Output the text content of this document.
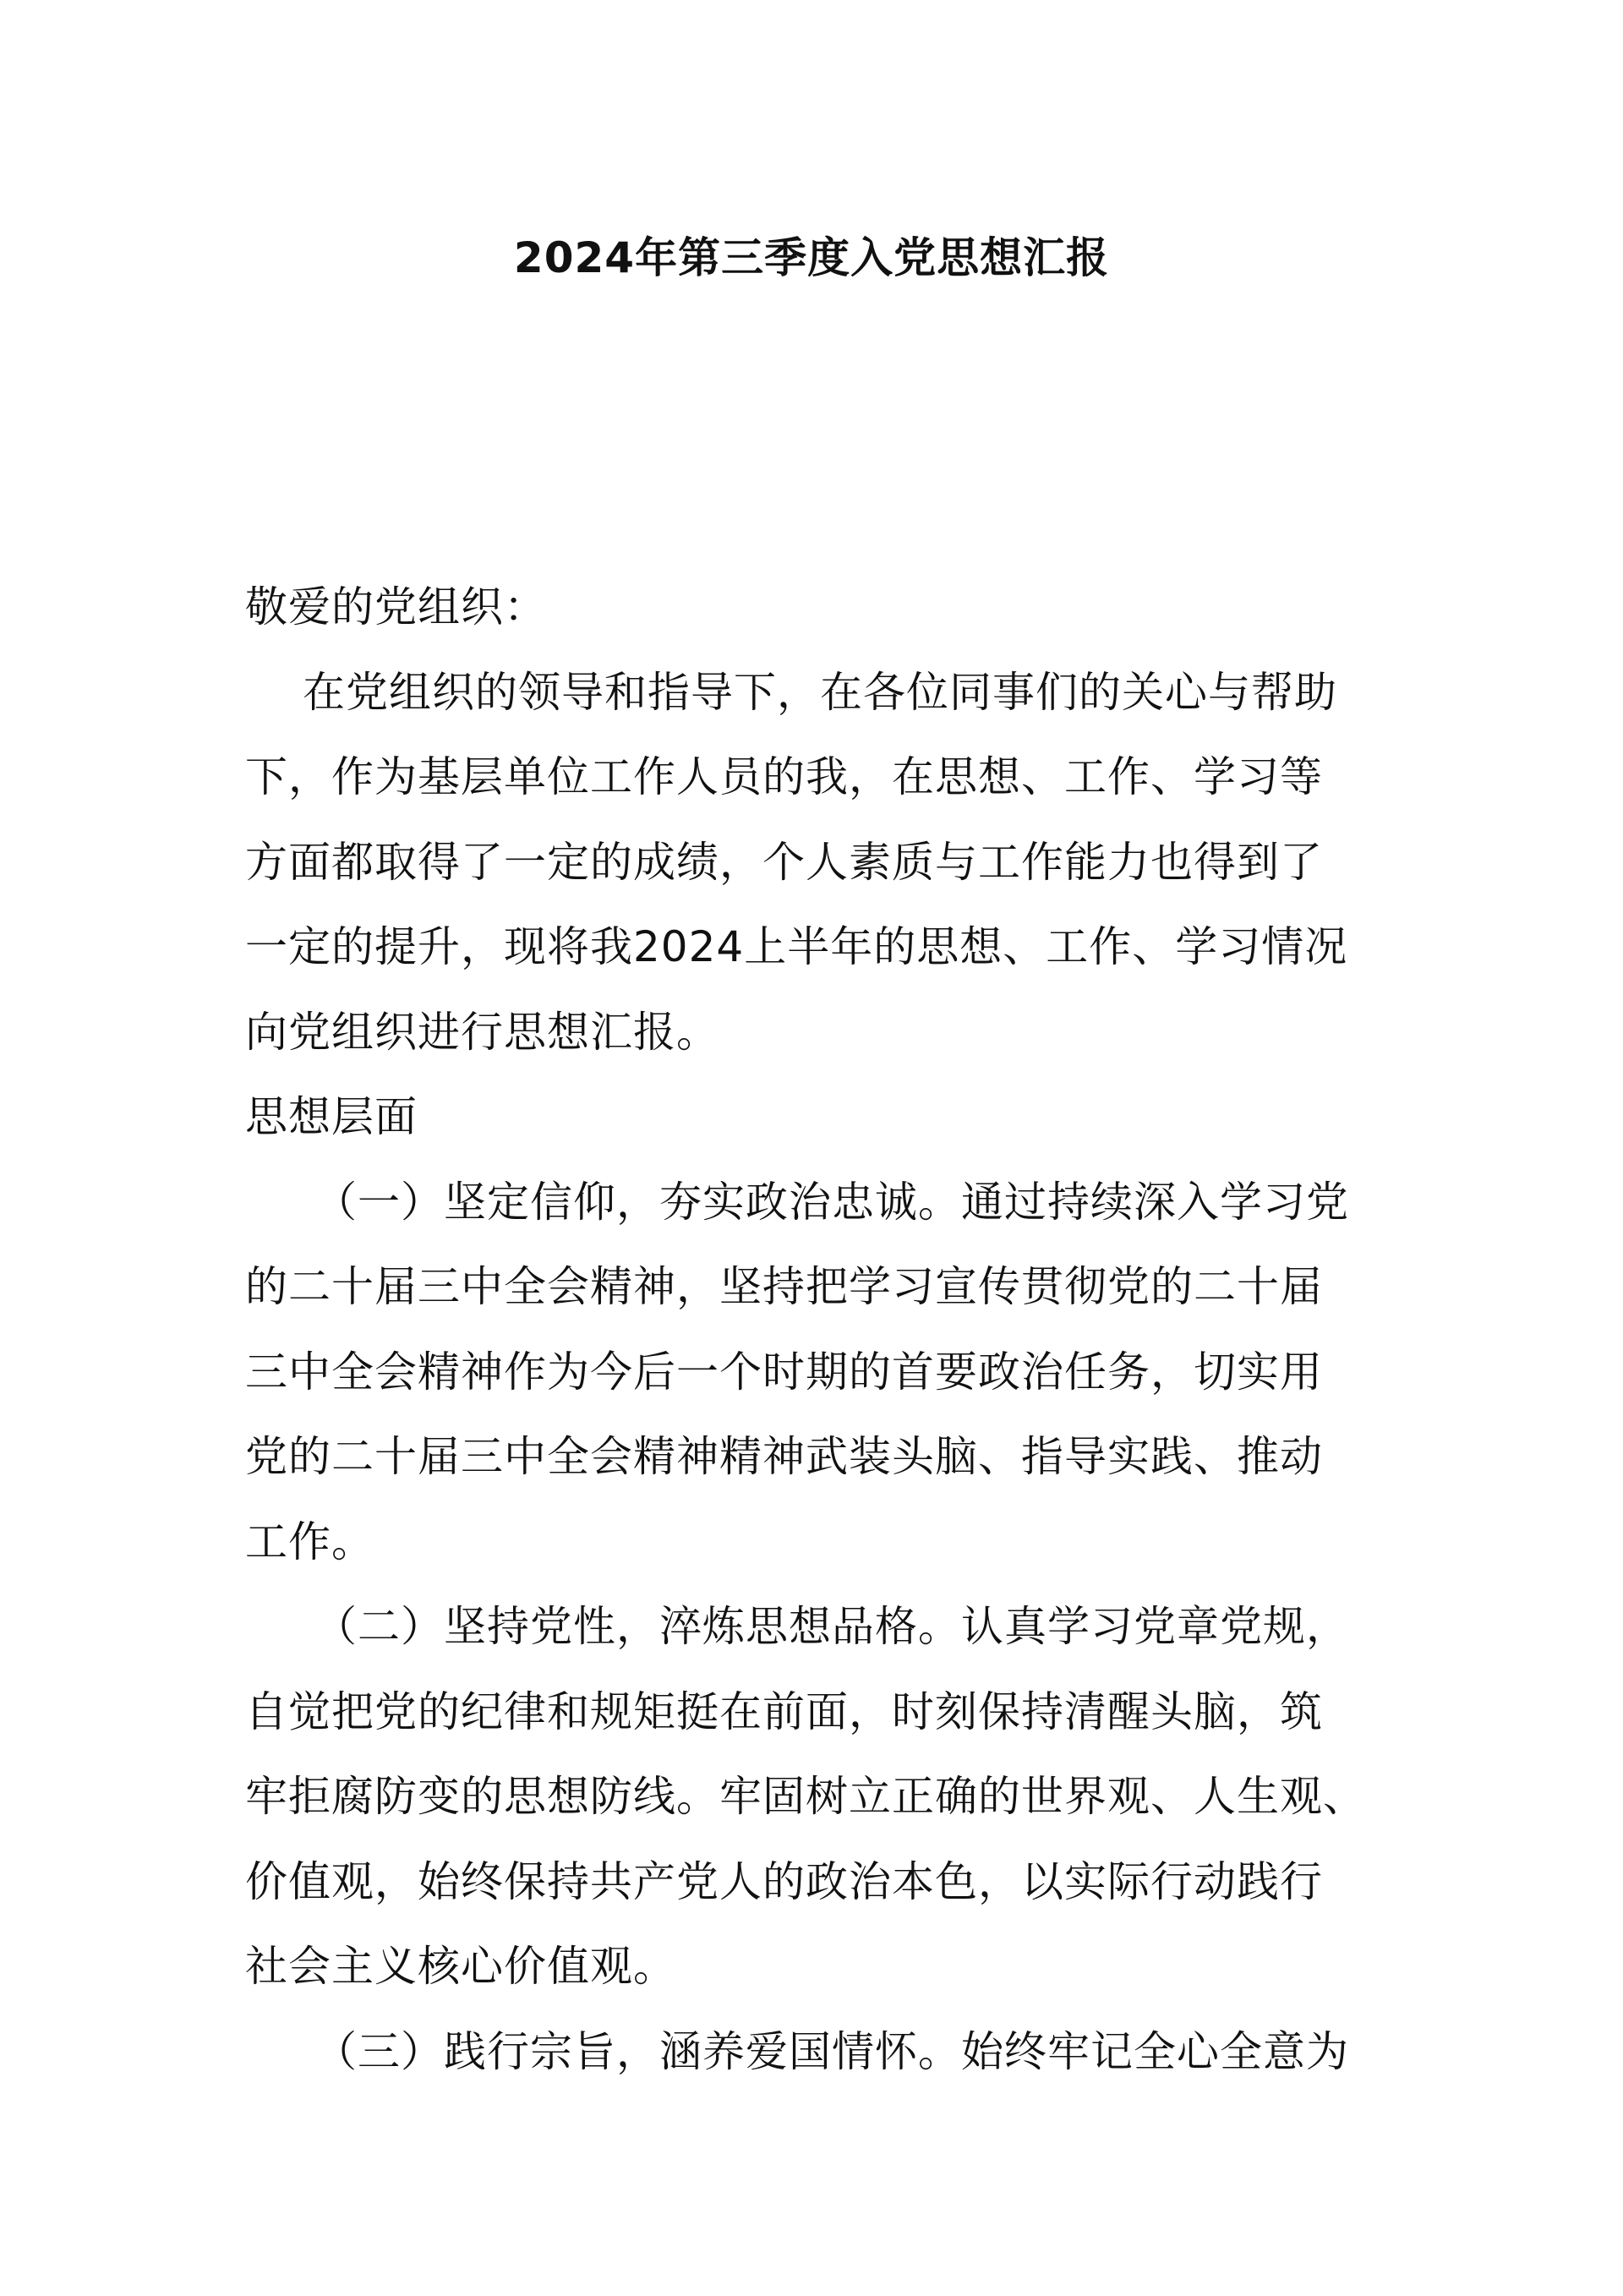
2024年第三季度入党思想汇报
敬爱的党组织：
在党组织的领导和指导下，在各位同事们的关心与帮助
下，作为基层单位工作人员的我，在思想、工作、学习等
方面都取得了一定的成绩，个人素质与工作能力也得到了
一定的提升，现将我2024上半年的思想、工作、学习情况
向党组织进行思想汇报。
思想层面
（一）坚定信仰，夯实政治忠诚。通过持续深入学习党
的二十届三中全会精神，坚持把学习宣传贯彻党的二十届
三中全会精神作为今后一个时期的首要政治任务，切实用
党的二十届三中全会精神精神武装头脑、指导实践、推动
工作。
（二）坚持党性，淬炼思想品格。认真学习党章党规，
自觉把党的纪律和规矩挺在前面，时刻保持清醒头脑，筑
牢拒腐防变的思想防线。牢固树立正确的世界观、人生观、
价值观，始终保持共产党人的政治本色，以实际行动践行
社会主义核心价值观。
（三）践行宗旨，涵养爱国情怀。始终牢记全心全意为
